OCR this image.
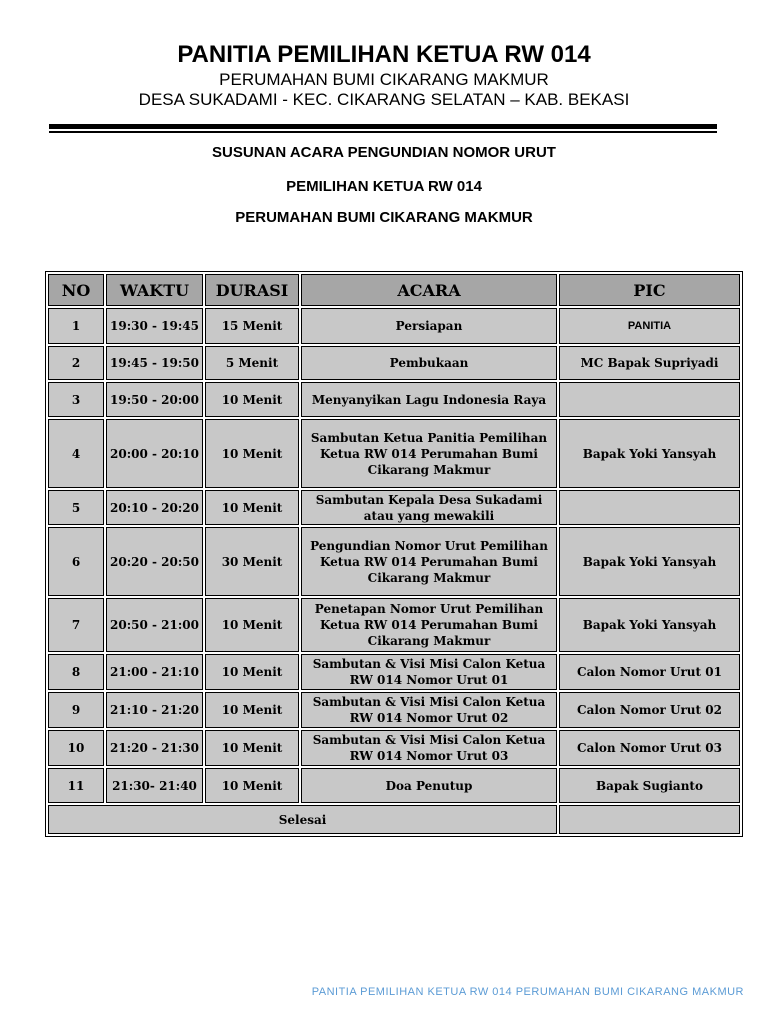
PANITIA PEMILIHAN KETUA RW 014
PERUMAHAN BUMI CIKARANG MAKMUR
DESA SUKADAMI - KEC. CIKARANG SELATAN – KAB. BEKASI
SUSUNAN ACARA PENGUNDIAN NOMOR URUT
PEMILIHAN KETUA RW 014
PERUMAHAN BUMI CIKARANG MAKMUR
NO	WAKTU	DURASI	ACARA	PIC
1	19:30 - 19:45	15 Menit	Persiapan	PANITIA
2	19:45 - 19:50	5 Menit	Pembukaan	MC Bapak Supriyadi
3	19:50 - 20:00	10 Menit	Menyanyikan Lagu Indonesia Raya	
4	20:00 - 20:10	10 Menit	Sambutan Ketua Panitia Pemilihan Ketua RW 014 Perumahan Bumi Cikarang Makmur	Bapak Yoki Yansyah
5	20:10 - 20:20	10 Menit	Sambutan Kepala Desa Sukadami atau yang mewakili	
6	20:20 - 20:50	30 Menit	Pengundian Nomor Urut Pemilihan Ketua RW 014 Perumahan Bumi Cikarang Makmur	Bapak Yoki Yansyah
7	20:50 - 21:00	10 Menit	Penetapan Nomor Urut Pemilihan Ketua RW 014 Perumahan Bumi Cikarang Makmur	Bapak Yoki Yansyah
8	21:00 - 21:10	10 Menit	Sambutan & Visi Misi Calon Ketua RW 014 Nomor Urut 01	Calon Nomor Urut 01
9	21:10 - 21:20	10 Menit	Sambutan & Visi Misi Calon Ketua RW 014 Nomor Urut 02	Calon Nomor Urut 02
10	21:20 - 21:30	10 Menit	Sambutan & Visi Misi Calon Ketua RW 014 Nomor Urut 03	Calon Nomor Urut 03
11	21:30- 21:40	10 Menit	Doa Penutup	Bapak Sugianto
Selesai				
PANITIA PEMILIHAN KETUA RW 014 PERUMAHAN BUMI CIKARANG MAKMUR
